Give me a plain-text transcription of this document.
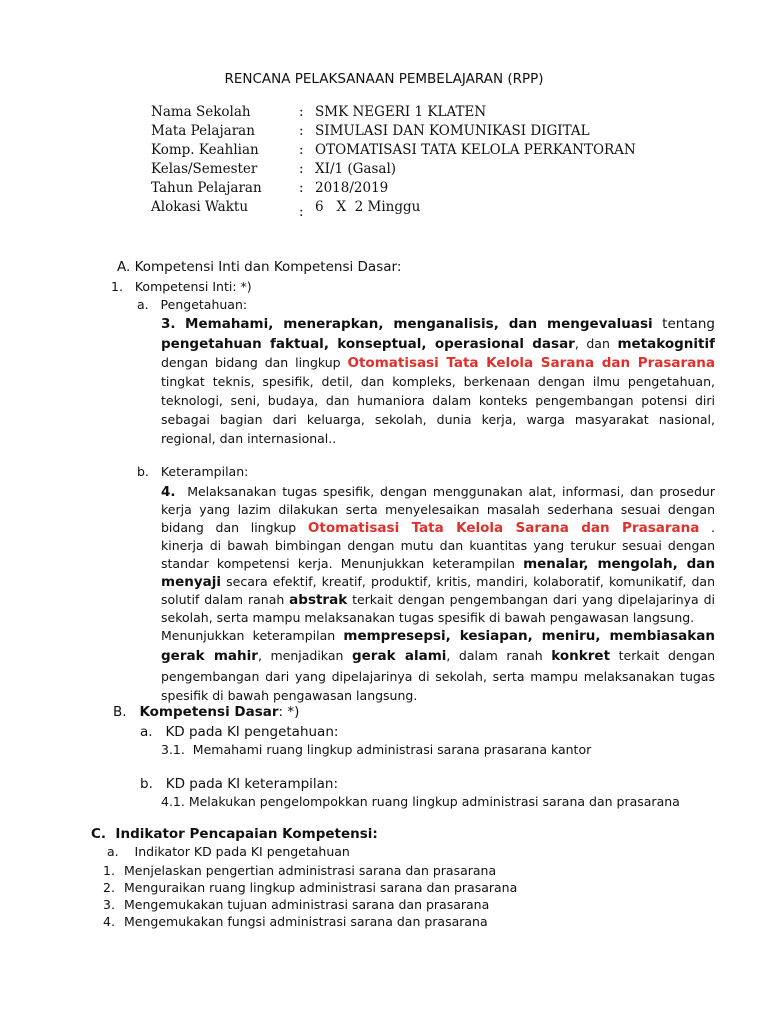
RENCANA PELAKSANAAN PEMBELAJARAN (RPP)
Nama Sekolah	: SMK NEGERI 1 KLATEN
Mata Pelajaran	: SIMULASI DAN KOMUNIKASI DIGITAL
Komp. Keahlian	: OTOMATISASI TATA KELOLA PERKANTORAN
Kelas/Semester	: XI/1 (Gasal)
Tahun Pelajaran	: 2018/2019
Alokasi Waktu	: 6   X  2 Minggu
A. Kompetensi Inti dan Kompetensi Dasar:
1.   Kompetensi Inti: *)
a.   Pengetahuan:
3. Memahami, menerapkan, menganalisis, dan mengevaluasi tentang
pengetahuan faktual, konseptual, operasional dasar, dan metakognitif
dengan bidang dan lingkup Otomatisasi Tata Kelola Sarana dan Prasarana
tingkat teknis, spesifik, detil, dan kompleks, berkenaan dengan ilmu pengetahuan,
teknologi, seni, budaya, dan humaniora dalam konteks pengembangan potensi diri
sebagai bagian dari keluarga, sekolah, dunia kerja, warga masyarakat nasional,
regional, dan internasional..
b.   Keterampilan:
4.  Melaksanakan tugas spesifik, dengan menggunakan alat, informasi, dan prosedur
kerja yang lazim dilakukan serta menyelesaikan masalah sederhana sesuai dengan
bidang dan lingkup Otomatisasi Tata Kelola Sarana dan Prasarana .
kinerja di bawah bimbingan dengan mutu dan kuantitas yang terukur sesuai dengan
standar kompetensi kerja. Menunjukkan keterampilan menalar, mengolah, dan
menyaji secara efektif, kreatif, produktif, kritis, mandiri, kolaboratif, komunikatif, dan
solutif dalam ranah abstrak terkait dengan pengembangan dari yang dipelajarinya di
sekolah, serta mampu melaksanakan tugas spesifik di bawah pengawasan langsung.
Menunjukkan keterampilan mempresepsi, kesiapan, meniru, membiasakan
gerak mahir, menjadikan gerak alami, dalam ranah konkret terkait dengan
pengembangan dari yang dipelajarinya di sekolah, serta mampu melaksanakan tugas
spesifik di bawah pengawasan langsung.
B. Kompetensi Dasar: *)
a.   KD pada KI pengetahuan:
3.1.  Memahami ruang lingkup administrasi sarana prasarana kantor
b.   KD pada KI keterampilan:
4.1. Melakukan pengelompokkan ruang lingkup administrasi sarana dan prasarana
C.  Indikator Pencapaian Kompetensi:
a.    Indikator KD pada KI pengetahuan
1. Menjelaskan pengertian administrasi sarana dan prasarana
2. Menguraikan ruang lingkup administrasi sarana dan prasarana
3. Mengemukakan tujuan administrasi sarana dan prasarana
4. Mengemukakan fungsi administrasi sarana dan prasarana
